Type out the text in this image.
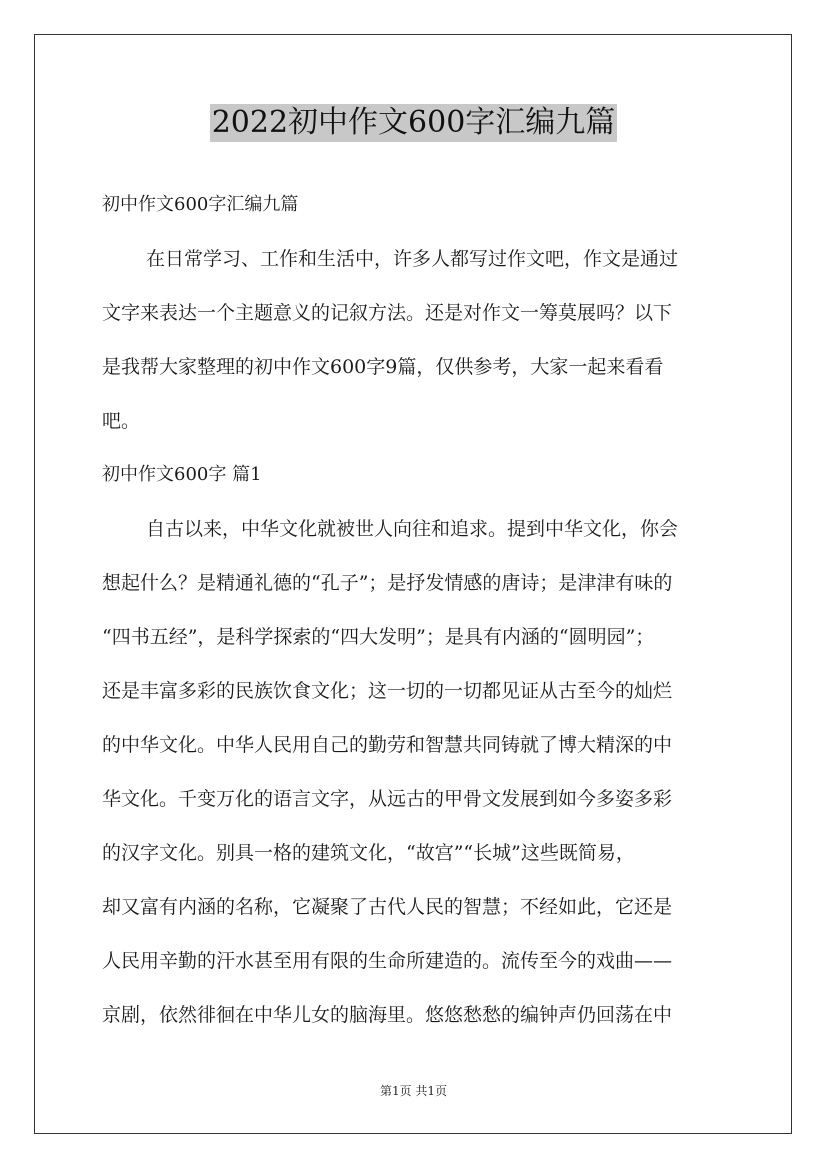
2022初中作文600字汇编九篇
初中作文600字汇编九篇
在日常学习、工作和生活中，许多人都写过作文吧，作文是通过
文字来表达一个主题意义的记叙方法。还是对作文一筹莫展吗？以下
是我帮大家整理的初中作文600字9篇，仅供参考，大家一起来看看
吧。
初中作文600字 篇1
自古以来，中华文化就被世人向往和追求。提到中华文化，你会
想起什么？是精通礼德的“孔子”；是抒发情感的唐诗；是津津有味的
“四书五经”，是科学探索的“四大发明”；是具有内涵的“圆明园”；
还是丰富多彩的民族饮食文化；这一切的一切都见证从古至今的灿烂
的中华文化。中华人民用自己的勤劳和智慧共同铸就了博大精深的中
华文化。千变万化的语言文字，从远古的甲骨文发展到如今多姿多彩
的汉字文化。别具一格的建筑文化，“故宫”“长城”这些既简易，
却又富有内涵的名称，它凝聚了古代人民的智慧；不经如此，它还是
人民用辛勤的汗水甚至用有限的生命所建造的。流传至今的戏曲——
京剧，依然徘徊在中华儿女的脑海里。悠悠愁愁的编钟声仍回荡在中
第1页 共1页
